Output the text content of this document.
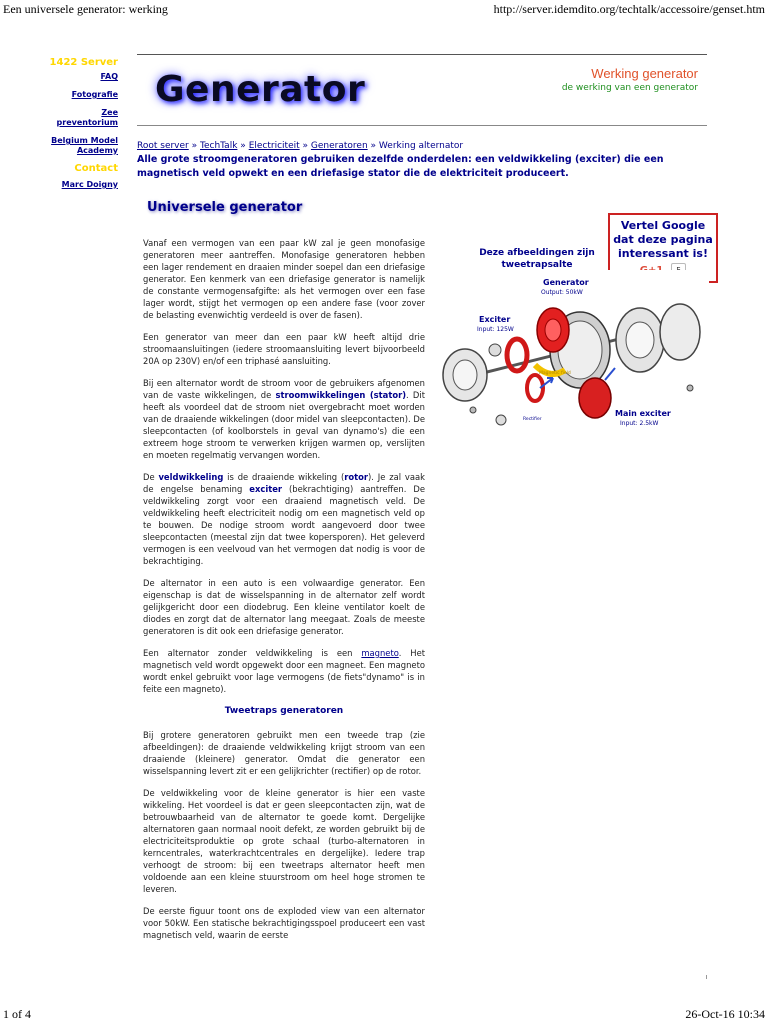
Een universele generator: werking	http://server.idemdito.org/techtalk/accessoire/genset.htm
1422 Server
FAQ
Fotografie
Zee preventorium
Belgium Model Academy
Contact
Marc Doigny
Generator	Werking generator
de werking van een generator
Root server » TechTalk » Electriciteit » Generatoren » Werking alternator
Alle grote stroomgeneratoren gebruiken dezelfde onderdelen: een veldwikkeling (exciter) die een magnetisch veld opwekt en een driefasige stator die de elektriciteit produceert.
Universele generator
Vertel Google dat deze pagina interessant is!

Vanaf een vermogen van een paar kW zal je geen monofasige generatoren meer aantreffen. Monofasige generatoren hebben een lager rendement en draaien minder soepel dan een driefasige generator. Een kenmerk van een driefasige generator is namelijk de constante vermogensafgifte: als het vermogen over een fase lager wordt, stijgt het vermogen op een andere fase (voor zover de belasting evenwichtig verdeeld is over de fasen).

Een generator van meer dan een paar kW heeft altijd drie stroomaansluitingen (iedere stroomaansluiting levert bijvoorbeeld 20A op 230V) en/of een triphasé aansluiting.

Bij een alternator wordt de stroom voor de gebruikers afgenomen van de vaste wikkelingen, de stroomwikkelingen (stator). Dit heeft als voordeel dat de stroom niet overgebracht moet worden van de draaiende wikkelingen (door midel van sleepcontacten). De sleepcontacten (of koolborstels in geval van dynamo's) die een extreem hoge stroom te verwerken krijgen warmen op, verslijten en moeten regelmatig vervangen worden.

De veldwikkeling is de draaiende wikkeling (rotor). Je zal vaak de engelse benaming exciter (bekrachtiging) aantreffen. De veldwikkeling zorgt voor een draaiend magnetisch veld. De veldwikkeling heeft electriciteit nodig om een magnetisch veld op te bouwen. De nodige stroom wordt aangevoerd door twee sleepcontacten (meestal zijn dat twee kopersporen). Het geleverd vermogen is een veelvoud van het vermogen dat nodig is voor de bekrachtiging.

De alternator in een auto is een volwaardige generator. Een eigenschap is dat de wisselspanning in de alternator zelf wordt gelijkgericht door een diodebrug. Een kleine ventilator koelt de diodes en zorgt dat de alternator lang meegaat. Zoals de meeste generatoren is dit ook een driefasige generator.

Een alternator zonder veldwikkeling is een magneto. Het magnetisch veld wordt opgewekt door een magneet. Een magneto wordt enkel gebruikt voor lage vermogens (de fiets"dynamo" is in feite een magneto).

Tweetraps generatoren

Bij grotere generatoren gebruikt men een tweede trap (zie afbeeldingen): de draaiende veldwikkeling krijgt stroom van een draaiende (kleinere) generator. Omdat die generator een wisselspanning levert zit er een gelijkrichter (rectifier) op de rotor.

De veldwikkeling voor de kleine generator is hier een vaste wikkeling. Het voordeel is dat er geen sleepcontacten zijn, wat de betrouwbaarheid van de alternator te goede komt. Dergelijke alternatoren gaan normaal nooit defekt, ze worden gebruikt bij de electriciteitsproduktie op grote schaal (turbo-alternatoren in kerncentrales, waterkrachtcentrales en dergelijke). Iedere trap verhoogt de stroom: bij een tweetraps alternator heeft men voldoende aan een kleine stuurstroom om heel hoge stromen te leveren.

De eerste figuur toont ons de exploded view van een alternator voor 50kW. Een statische bekrachtigingsspoel produceert een vast magnetisch veld, waarin de eerste

Deze afbeeldingen zijn
tweetrapsalte
Generator
Output: 50kW
Exciter
Input: 125W
Magnetic field
Main exciter
Input: 2.5kW
Rectifier
1 of 4	26-Oct-16 10:34
